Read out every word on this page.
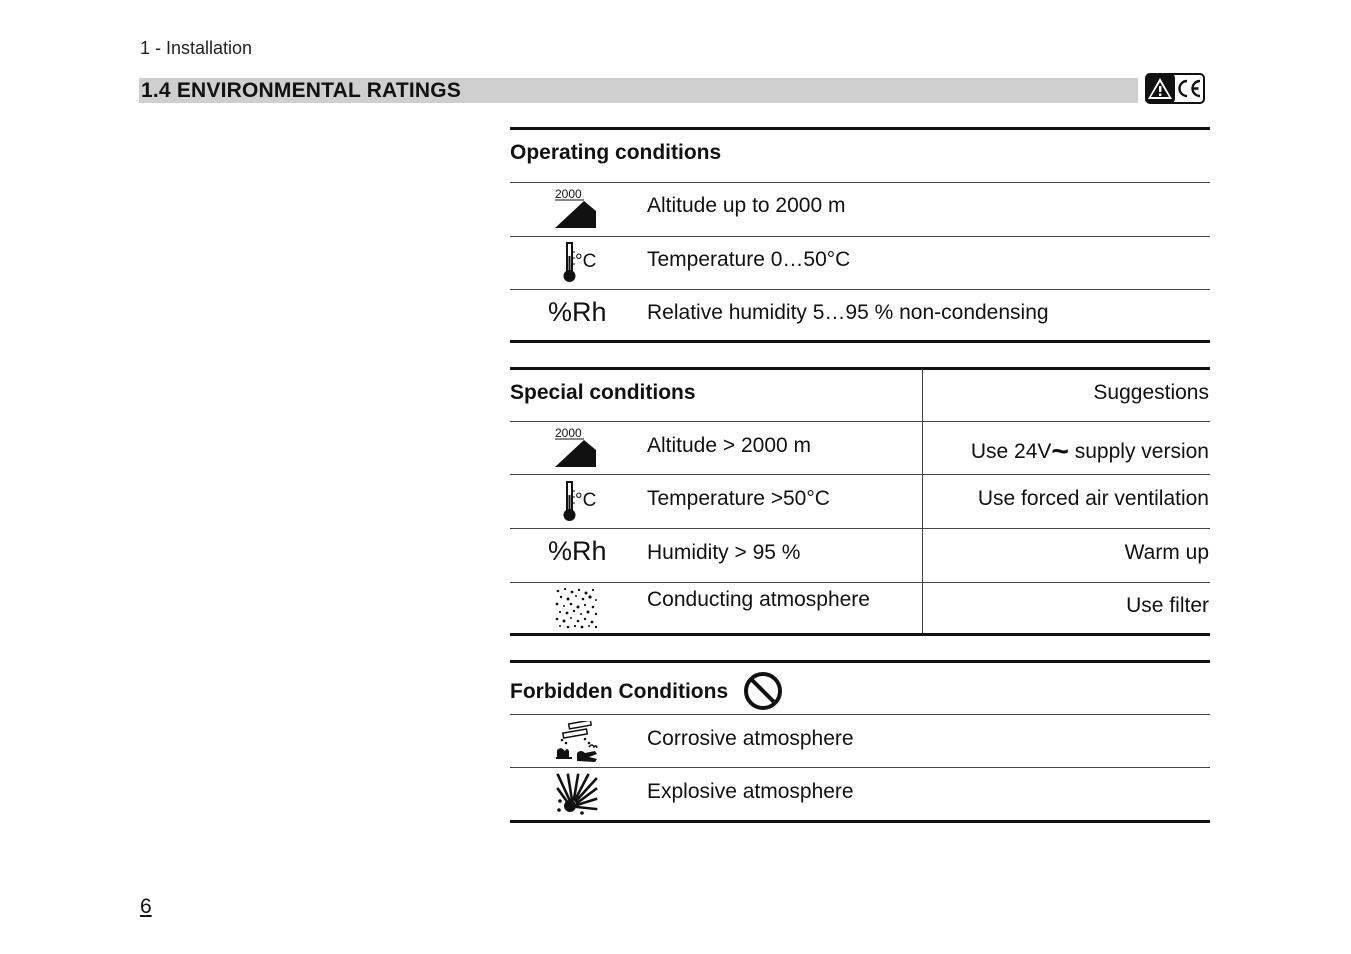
1 - Installation
1.4 ENVIRONMENTAL RATINGS
Operating conditions
2000	Altitude up to 2000 m
°C Temperature 0…50°C
%Rh Relative humidity 5…95 % non-condensing
Special conditions	Suggestions
2000
Altitude > 2000 m	Use 24V~ supply version
°C Temperature >50°C	Use forced air ventilation
%Rh Humidity > 95 %	Warm up
Conducting atmosphere	Use filter
Forbidden Conditions
Corrosive atmosphere
Explosive atmosphere
6
